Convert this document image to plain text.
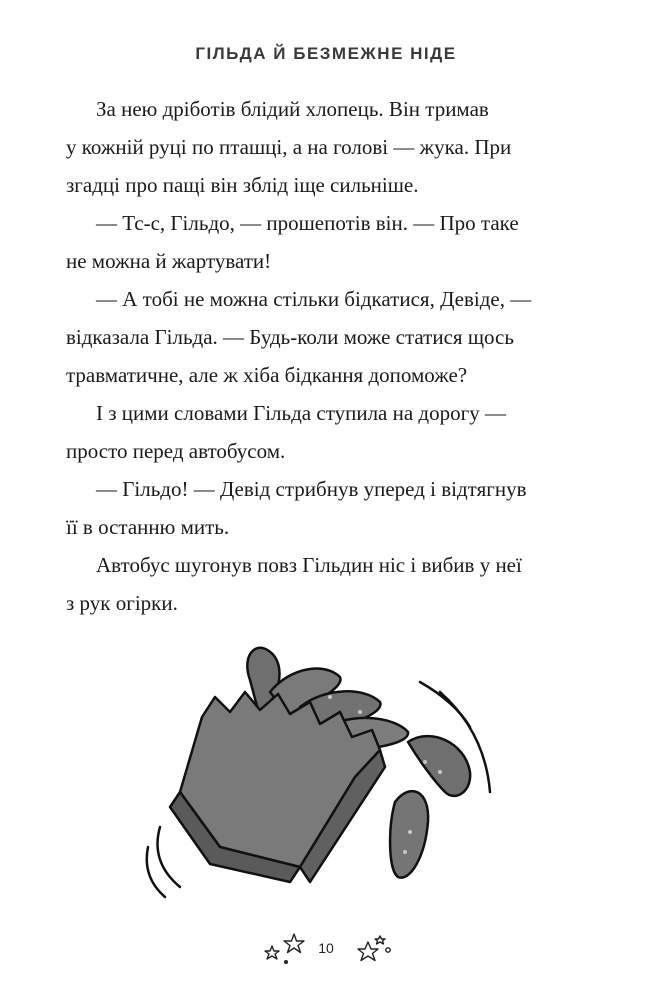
ГІЛЬДА Й БЕЗМЕЖНЕ НІДЕ

За нею дріботів блідий хлопець. Він тримав
у кожній руці по пташці, а на голові — жука. При
згадці про пащі він зблід іще сильніше.

— Тс-с, Гільдо, — прошепотів він. — Про таке
не можна й жартувати!

— А тобі не можна стільки бідкатися, Девіде, —
відказала Гільда. — Будь-коли може статися щось
травматичне, але ж хіба бідкання допоможе?

І з цими словами Гільда ступила на дорогу —
просто перед автобусом.

— Гільдо! — Девід стрибнув уперед і відтягнув
її в останню мить.

Автобус шугонув повз Гільдин ніс і вибив у неї
з рук огірки.

10
